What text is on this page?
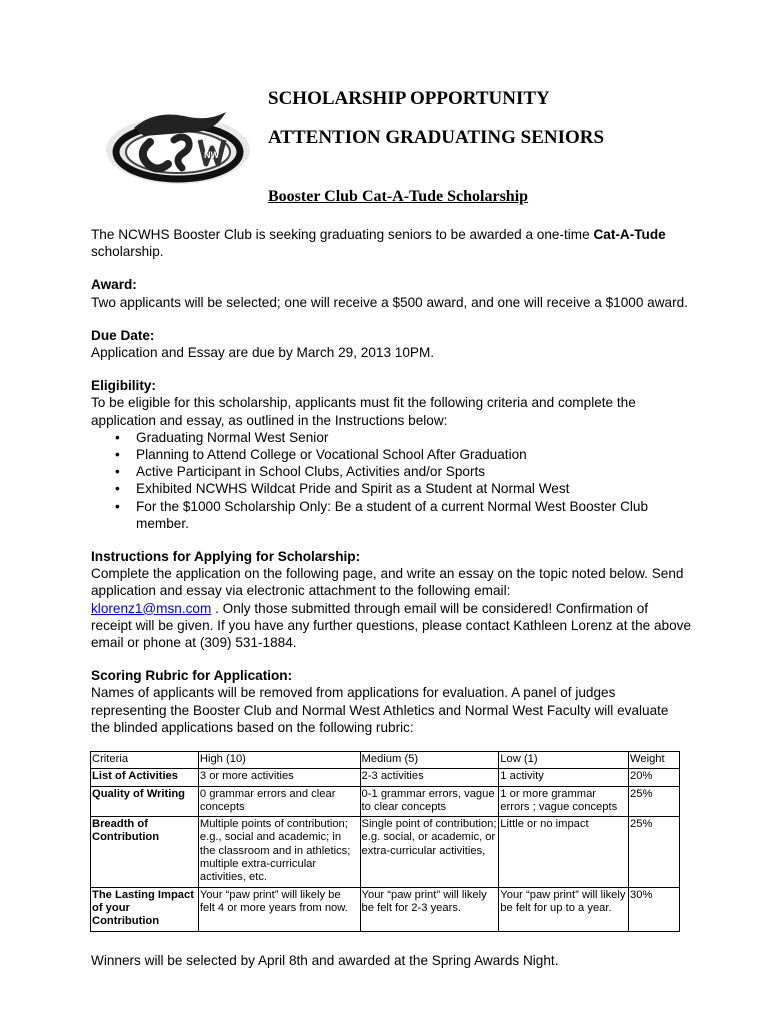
NW
SCHOLARSHIP OPPORTUNITY
ATTENTION GRADUATING SENIORS
Booster Club Cat-A-Tude Scholarship

The NCWHS Booster Club is seeking graduating seniors to be awarded a one-time Cat-A-Tude scholarship.

Award:

Two applicants will be selected; one will receive a $500 award, and one will receive a $1000 award.

Due Date:

Application and Essay are due by March 29, 2013 10PM.

Eligibility:

To be eligible for this scholarship, applicants must fit the following criteria and complete the application and essay, as outlined in the Instructions below:

• Graduating Normal West Senior
• Planning to Attend College or Vocational School After Graduation
• Active Participant in School Clubs, Activities and/or Sports
• Exhibited NCWHS Wildcat Pride and Spirit as a Student at Normal West
• For the $1000 Scholarship Only: Be a student of a current Normal West Booster Club member.

Instructions for Applying for Scholarship:

Complete the application on the following page, and write an essay on the topic noted below. Send application and essay via electronic attachment to the following email:
klorenz1@msn.com . Only those submitted through email will be considered! Confirmation of receipt will be given. If you have any further questions, please contact Kathleen Lorenz at the above email or phone at (309) 531-1884.

Scoring Rubric for Application:

Names of applicants will be removed from applications for evaluation. A panel of judges representing the Booster Club and Normal West Athletics and Normal West Faculty will evaluate the blinded applications based on the following rubric:

Criteria	High (10)	Medium (5)	Low (1)	Weight
List of Activities	3 or more activities	2-3 activities	1 activity	20%
Quality of Writing	0 grammar errors and clear concepts	0-1 grammar errors, vague to clear concepts	1 or more grammar errors ; vague concepts	25%
Breadth of Contribution	Multiple points of contribution; e.g., social and academic; in the classroom and in athletics; multiple extra-curricular activities, etc.	Single point of contribution; e.g. social, or academic, or extra-curricular activities,	Little or no impact	25%
The Lasting Impact of your Contribution	Your “paw print” will likely be felt 4 or more years from now.	Your “paw print” will likely be felt for 2-3 years.	Your “paw print” will likely be felt for up to a year.	30%
Winners will be selected by April 8th and awarded at the Spring Awards Night.
